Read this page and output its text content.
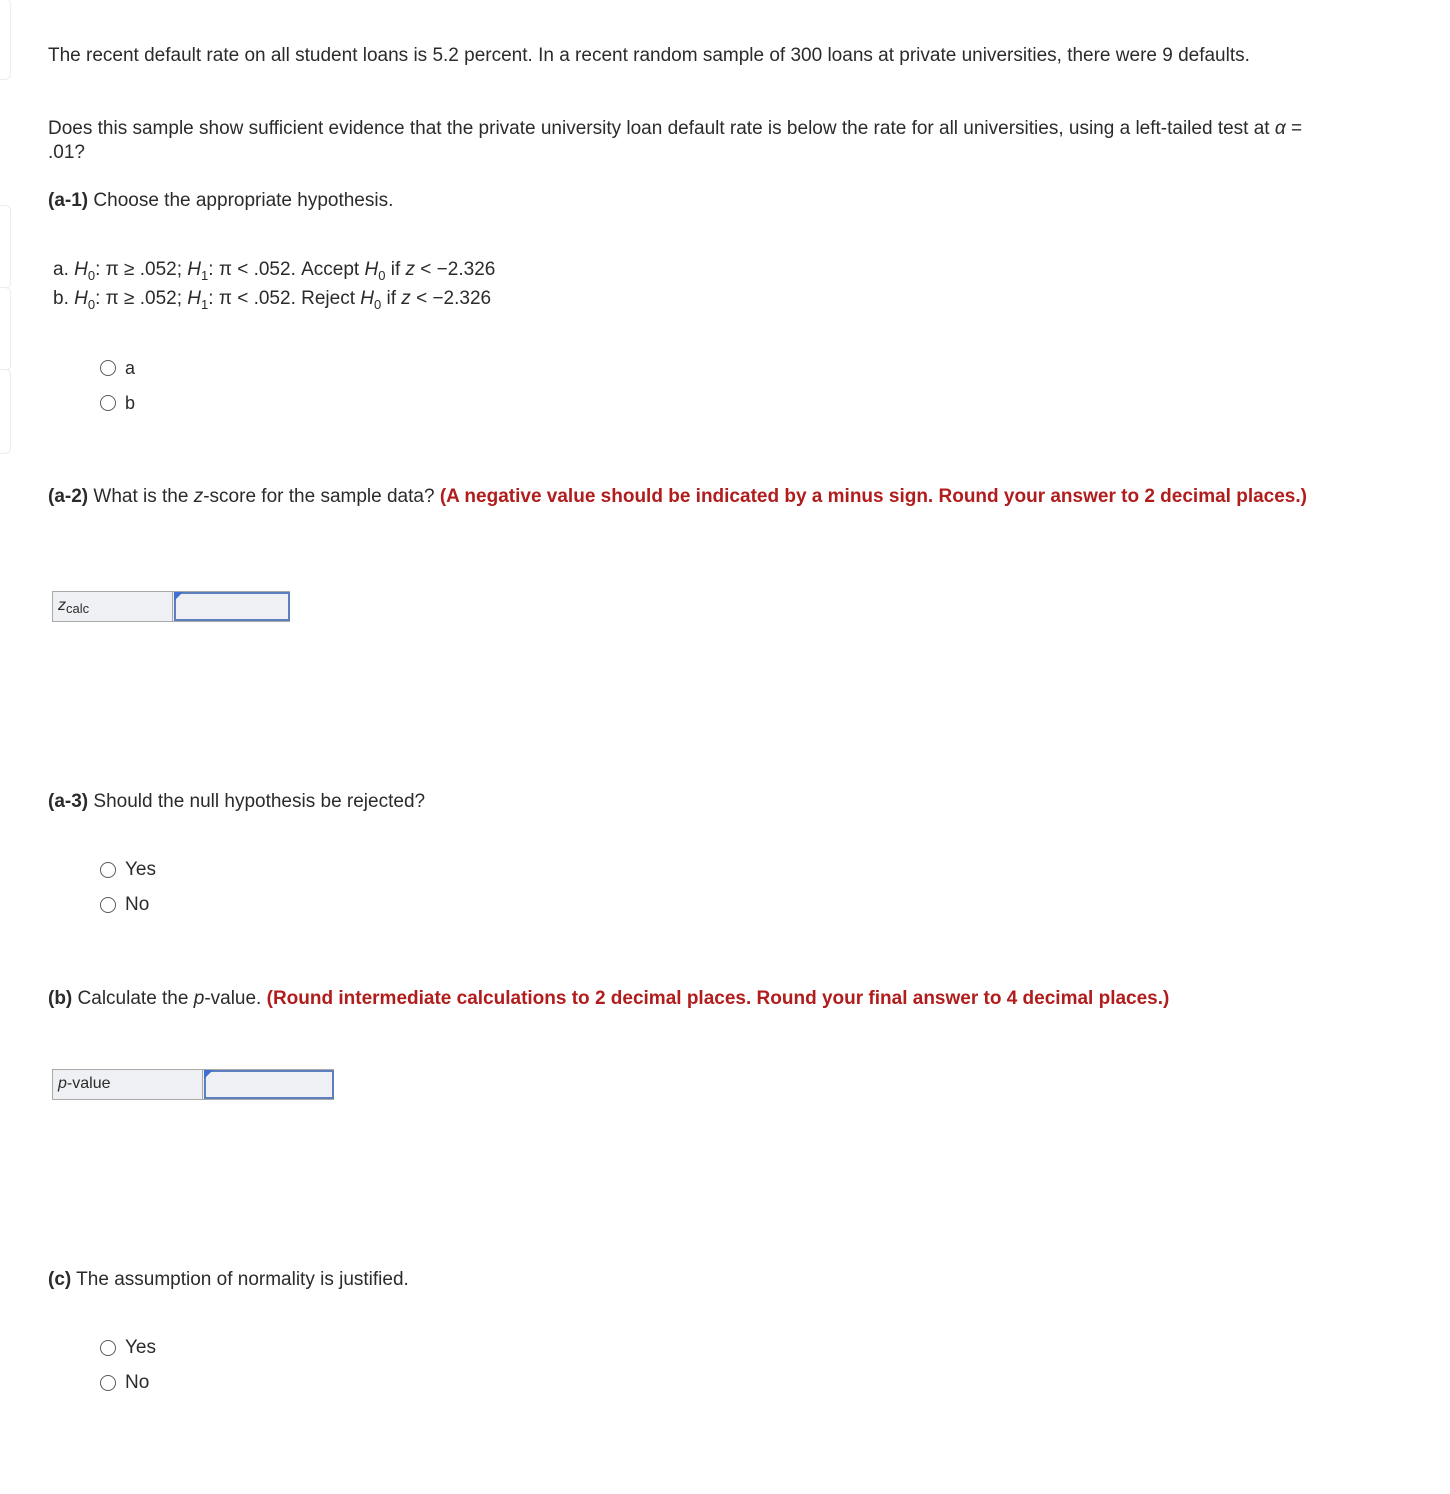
The recent default rate on all student loans is 5.2 percent. In a recent random sample of 300 loans at private universities, there were 9 defaults.
Does this sample show sufficient evidence that the private university loan default rate is below the rate for all universities, using a left-tailed test at α = .01?
(a-1) Choose the appropriate hypothesis.
a. $H_0$: π ≥ .052; $H_1$: π < .052. Accept $H_0$ if z < −2.326
b. $H_0$: π ≥ .052; $H_1$: π < .052. Reject $H_0$ if z < −2.326
a
b
(a-2) What is the z-score for the sample data? (A negative value should be indicated by a minus sign. Round your answer to 2 decimal places.)
$z_{calc}$
(a-3) Should the null hypothesis be rejected?
Yes
No
(b) Calculate the p-value. (Round intermediate calculations to 2 decimal places. Round your final answer to 4 decimal places.)
p-value
(c) The assumption of normality is justified.
Yes
No
